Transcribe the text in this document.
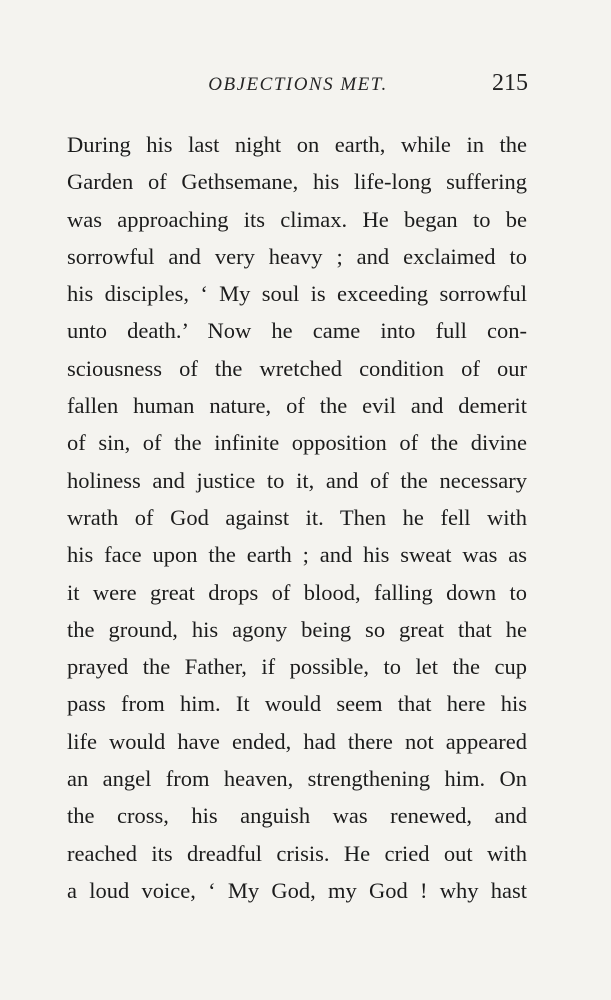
OBJECTIONS MET.	215
During his last night on earth, while in the
Garden of Gethsemane, his life-long suffering
was approaching its climax. He began to be
sorrowful and very heavy ; and exclaimed to
his disciples, ‘ My soul is exceeding sorrowful
unto death.’ Now he came into full con-
sciousness of the wretched condition of our
fallen human nature, of the evil and demerit
of sin, of the infinite opposition of the divine
holiness and justice to it, and of the necessary
wrath of God against it. Then he fell with
his face upon the earth ; and his sweat was as
it were great drops of blood, falling down to
the ground, his agony being so great that he
prayed the Father, if possible, to let the cup
pass from him. It would seem that here his
life would have ended, had there not appeared
an angel from heaven, strengthening him. On
the cross, his anguish was renewed, and
reached its dreadful crisis. He cried out with
a loud voice, ‘ My God, my God ! why hast
